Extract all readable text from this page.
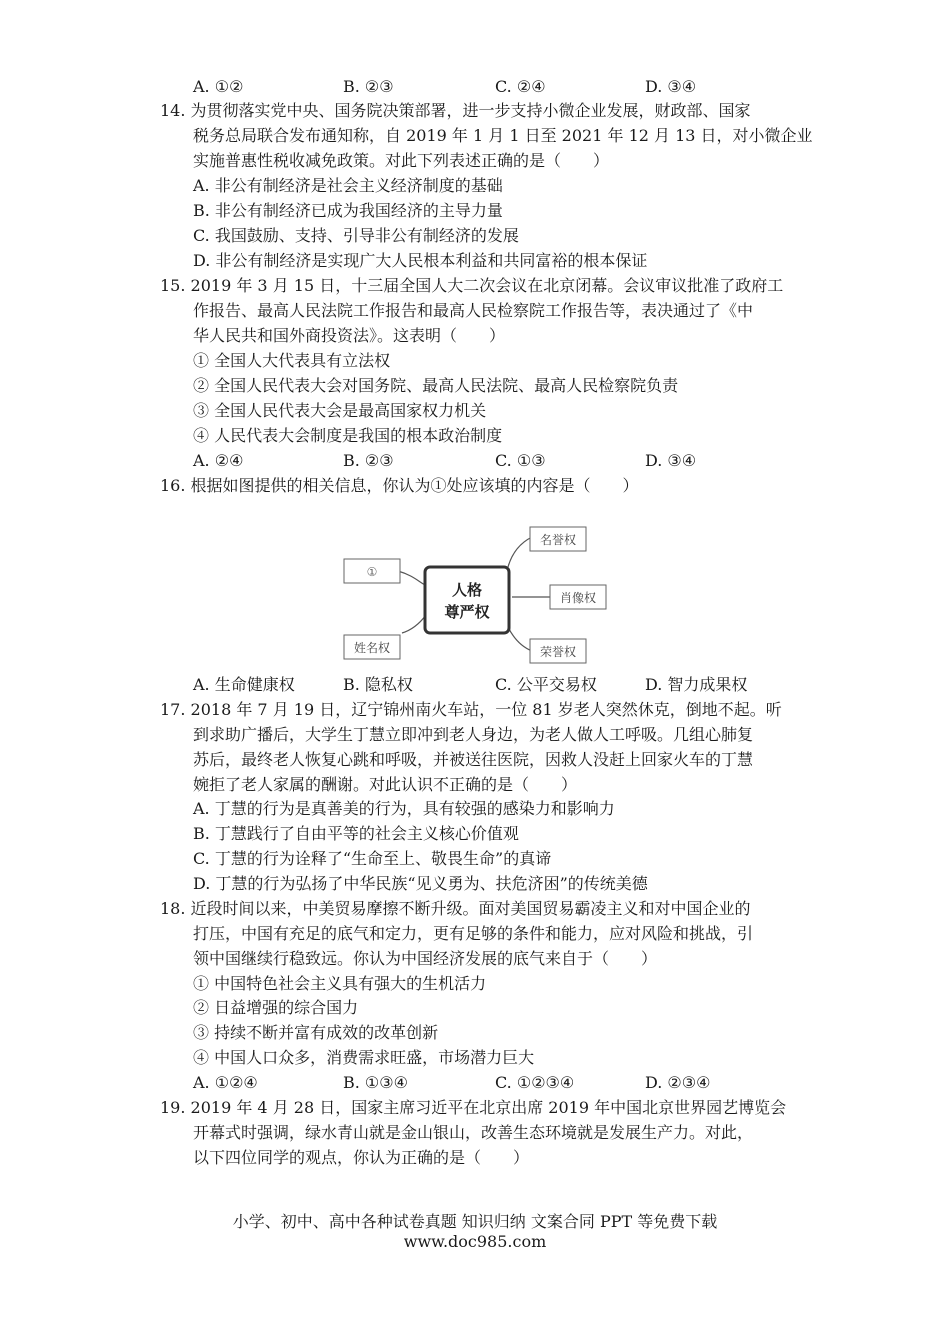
A. ①②	B. ②③	C. ②④	D. ③④
14. 为贯彻落实党中央、国务院决策部署，进一步支持小微企业发展，财政部、国家
税务总局联合发布通知称，自 2019 年 1 月 1 日至 2021 年 12 月 13 日，对小微企业
实施普惠性税收减免政策。对此下列表述正确的是（　　）
A. 非公有制经济是社会主义经济制度的基础
B. 非公有制经济已成为我国经济的主导力量
C. 我国鼓励、支持、引导非公有制经济的发展
D. 非公有制经济是实现广大人民根本利益和共同富裕的根本保证
15. 2019 年 3 月 15 日，十三届全国人大二次会议在北京闭幕。会议审议批准了政府工
作报告、最高人民法院工作报告和最高人民检察院工作报告等，表决通过了《中
华人民共和国外商投资法》。这表明（　　）
① 全国人大代表具有立法权
② 全国人民代表大会对国务院、最高人民法院、最高人民检察院负责
③ 全国人民代表大会是最高国家权力机关
④ 人民代表大会制度是我国的根本政治制度
A. ②④	B. ②③	C. ①③	D. ③④
16. 根据如图提供的相关信息，你认为①处应该填的内容是（　　）
人格
尊严权
①
姓名权
名誉权
肖像权
荣誉权
A. 生命健康权	B. 隐私权	C. 公平交易权	D. 智力成果权
17. 2018 年 7 月 19 日，辽宁锦州南火车站，一位 81 岁老人突然休克，倒地不起。听
到求助广播后，大学生丁慧立即冲到老人身边，为老人做人工呼吸。几组心肺复
苏后，最终老人恢复心跳和呼吸，并被送往医院，因救人没赶上回家火车的丁慧
婉拒了老人家属的酬谢。对此认识不正确的是（　　）
A. 丁慧的行为是真善美的行为，具有较强的感染力和影响力
B. 丁慧践行了自由平等的社会主义核心价值观
C. 丁慧的行为诠释了“生命至上、敬畏生命”的真谛
D. 丁慧的行为弘扬了中华民族“见义勇为、扶危济困”的传统美德
18. 近段时间以来，中美贸易摩擦不断升级。面对美国贸易霸凌主义和对中国企业的
打压，中国有充足的底气和定力，更有足够的条件和能力，应对风险和挑战，引
领中国继续行稳致远。你认为中国经济发展的底气来自于（　　）
① 中国特色社会主义具有强大的生机活力
② 日益增强的综合国力
③ 持续不断并富有成效的改革创新
④ 中国人口众多，消费需求旺盛，市场潜力巨大
A. ①②④	B. ①③④	C. ①②③④	D. ②③④
19. 2019 年 4 月 28 日，国家主席习近平在北京出席 2019 年中国北京世界园艺博览会
开幕式时强调，绿水青山就是金山银山，改善生态环境就是发展生产力。对此，
以下四位同学的观点，你认为正确的是（　　）
小学、初中、高中各种试卷真题 知识归纳 文案合同 PPT 等免费下载
www.doc985.com
